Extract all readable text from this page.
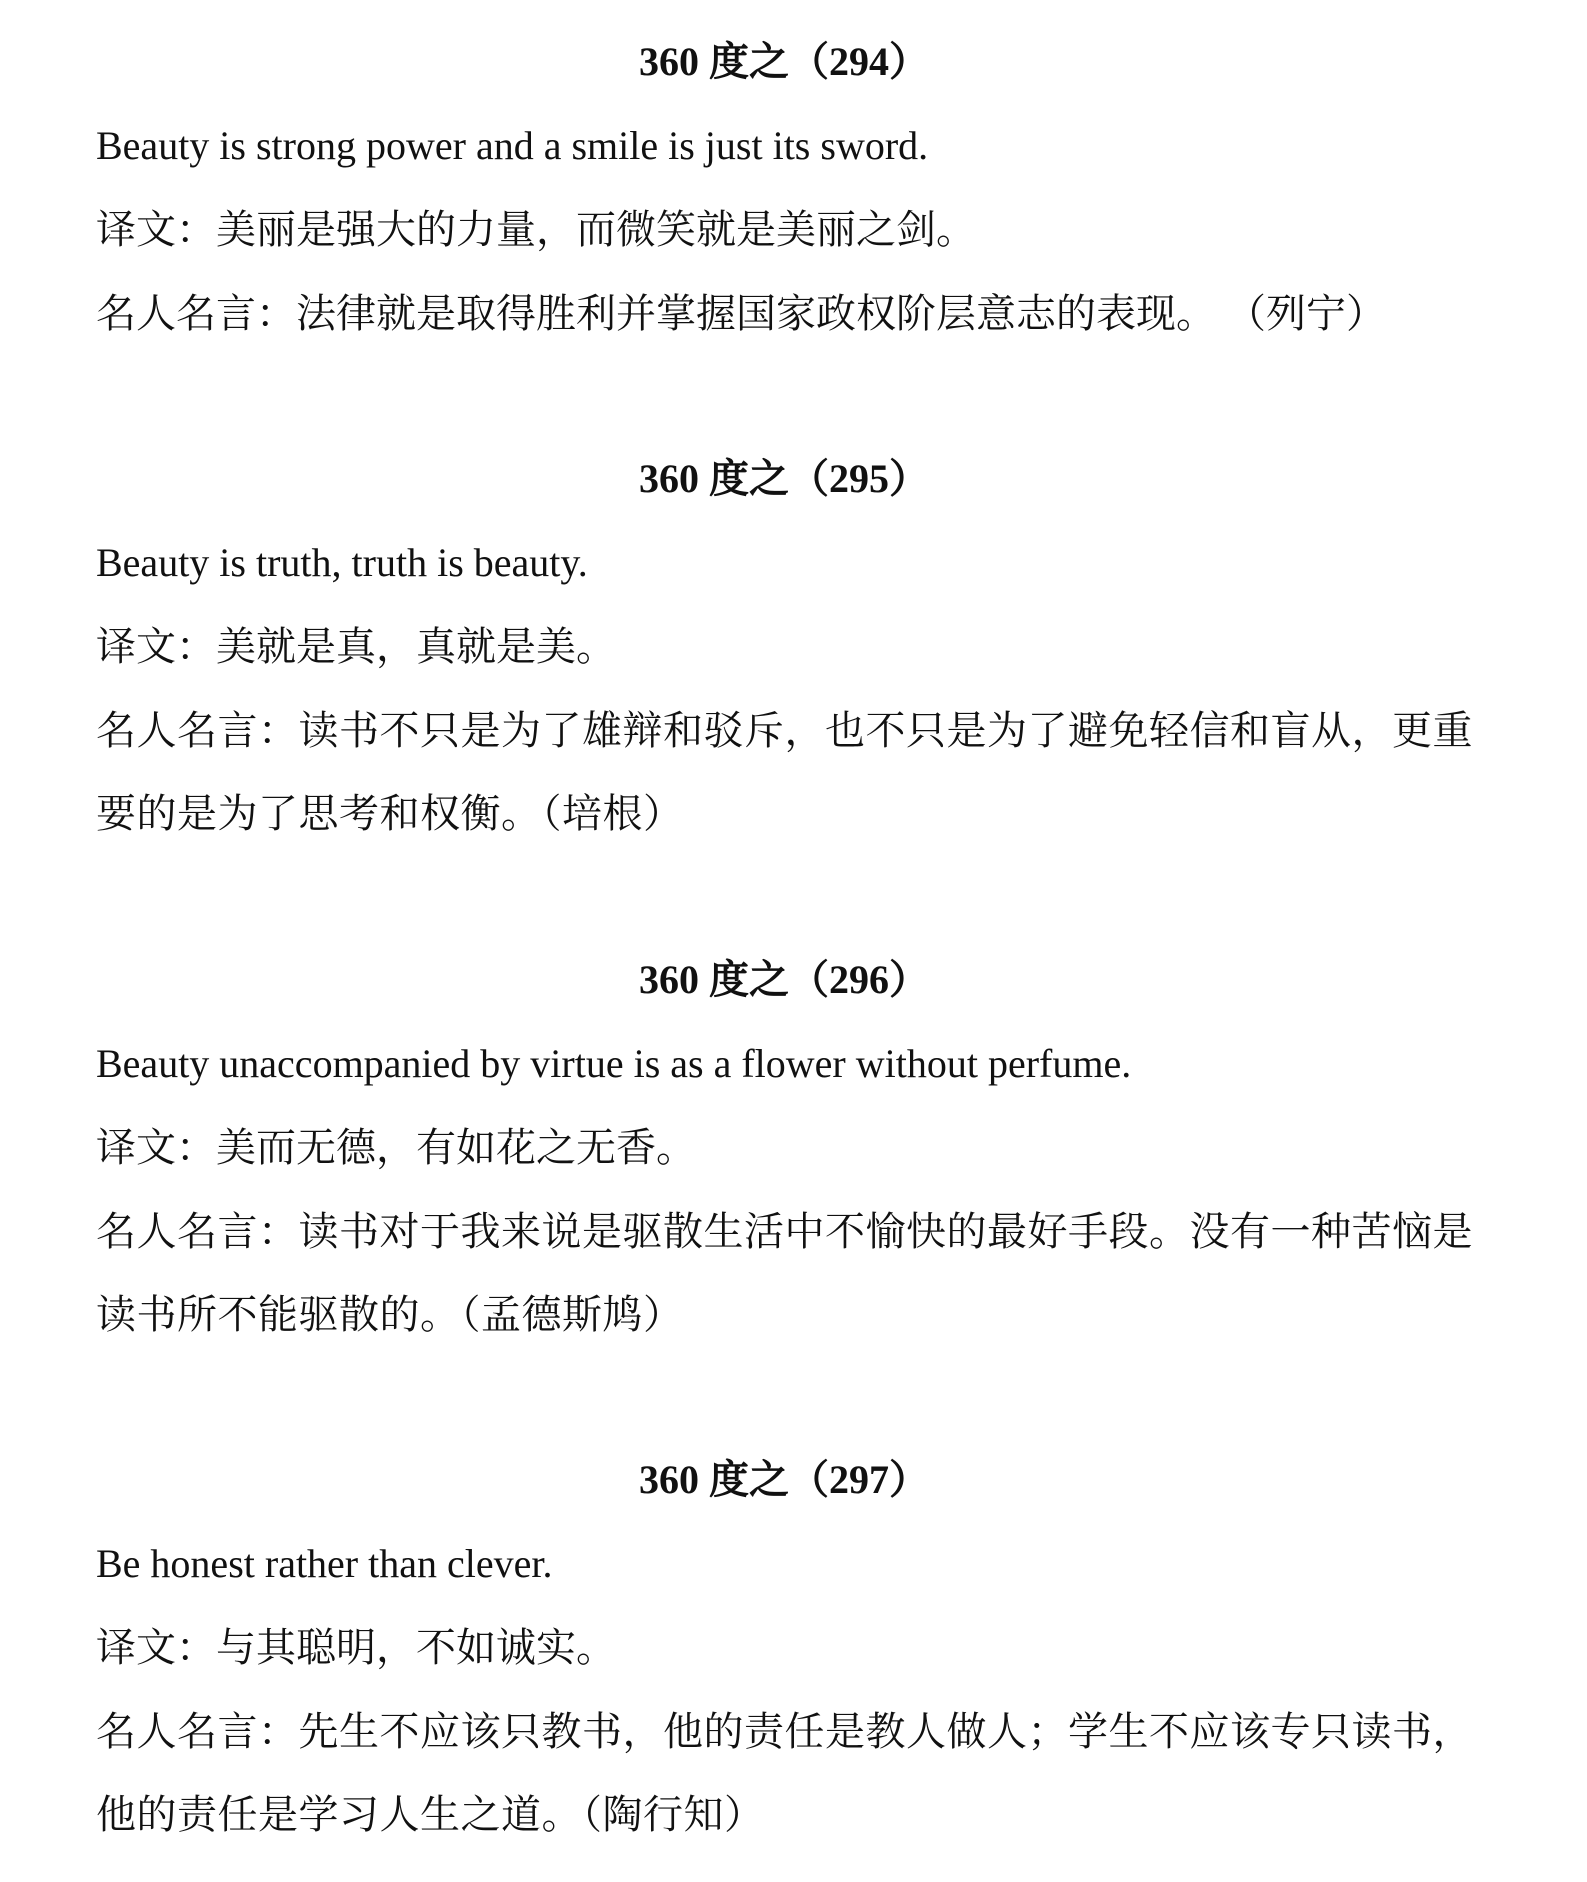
360 度之（294）
Beauty is strong power and a smile is just its sword.
译文：美丽是强大的力量，而微笑就是美丽之剑。
名人名言：法律就是取得胜利并掌握国家政权阶层意志的表现。 （列宁）
360 度之（295）
Beauty is truth, truth is beauty.
译文：美就是真，真就是美。
名人名言：读书不只是为了雄辩和驳斥，也不只是为了避免轻信和盲从，更重要的是为了思考和权衡。（培根）
360 度之（296）
Beauty unaccompanied by virtue is as a flower without perfume.
译文：美而无德，有如花之无香。
名人名言：读书对于我来说是驱散生活中不愉快的最好手段。没有一种苦恼是读书所不能驱散的。（孟德斯鸠）
360 度之（297）
Be honest rather than clever.
译文：与其聪明，不如诚实。
名人名言：先生不应该只教书，他的责任是教人做人；学生不应该专只读书，他的责任是学习人生之道。（陶行知）
